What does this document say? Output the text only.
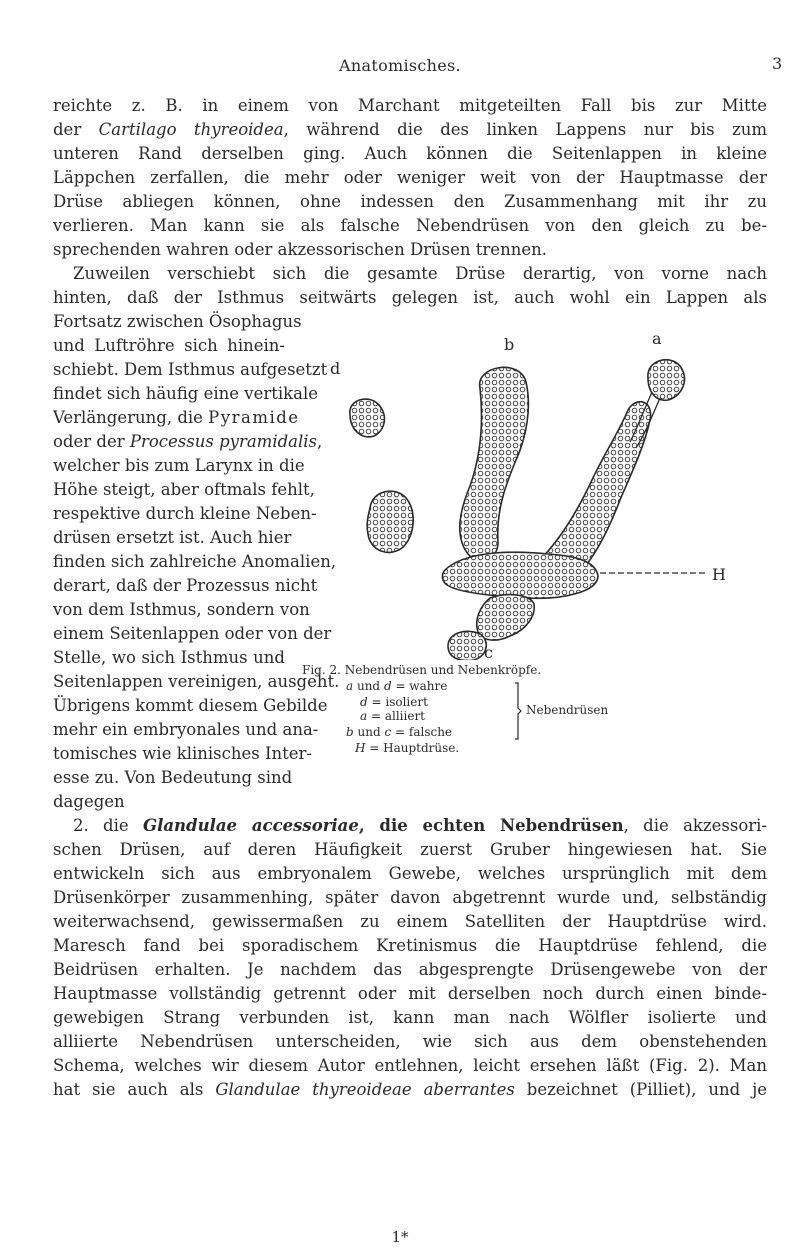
Anatomisches.	3
reichte z. B. in einem von Marchant mitgeteilten Fall bis zur Mitte
der Cartilago thyreoidea, während die des linken Lappens nur bis zum
unteren Rand derselben ging. Auch können die Seitenlappen in kleine
Läppchen zerfallen, die mehr oder weniger weit von der Hauptmasse der
Drüse abliegen können, ohne indessen den Zusammenhang mit ihr zu
verlieren. Man kann sie als falsche Nebendrüsen von den gleich zu be-
sprechenden wahren oder akzessorischen Drüsen trennen.
Zuweilen verschiebt sich die gesamte Drüse derartig, von vorne nach
hinten, daß der Isthmus seitwärts gelegen ist, auch wohl ein Lappen als
Fortsatz zwischen Ösophagus
und Luftröhre sich hinein-
schiebt. Dem Isthmus aufgesetzt
findet sich häufig eine vertikale
Verlängerung, die Pyramide
oder der Processus pyramidalis,
welcher bis zum Larynx in die
Höhe steigt, aber oftmals fehlt,
respektive durch kleine Neben-
drüsen ersetzt ist. Auch hier
finden sich zahlreiche Anomalien,
derart, daß der Prozessus nicht
von dem Isthmus, sondern von
einem Seitenlappen oder von der
Stelle, wo sich Isthmus und
Seitenlappen vereinigen, ausgeht.
Übrigens kommt diesem Gebilde
mehr ein embryonales und ana-
tomisches wie klinisches Inter-
esse zu. Von Bedeutung sind
dagegen
d
b	a
H
c
Fig. 2. Nebendrüsen und Nebenkröpfe.
a und d = wahre
d = isoliert
a = alliiert
b und c = falsche
H = Hauptdrüse.
Nebendrüsen
2. die Glandulae accessoriae, die echten Nebendrüsen, die akzessori-
schen Drüsen, auf deren Häufigkeit zuerst Gruber hingewiesen hat. Sie
entwickeln sich aus embryonalem Gewebe, welches ursprünglich mit dem
Drüsenkörper zusammenhing, später davon abgetrennt wurde und, selbständig
weiterwachsend, gewissermaßen zu einem Satelliten der Hauptdrüse wird.
Maresch fand bei sporadischem Kretinismus die Hauptdrüse fehlend, die
Beidrüsen erhalten. Je nachdem das abgesprengte Drüsengewebe von der
Hauptmasse vollständig getrennt oder mit derselben noch durch einen binde-
gewebigen Strang verbunden ist, kann man nach Wölfler isolierte und
alliierte Nebendrüsen unterscheiden, wie sich aus dem obenstehenden
Schema, welches wir diesem Autor entlehnen, leicht ersehen läßt (Fig. 2). Man
hat sie auch als Glandulae thyreoideae aberrantes bezeichnet (Pilliet), und je
1*
